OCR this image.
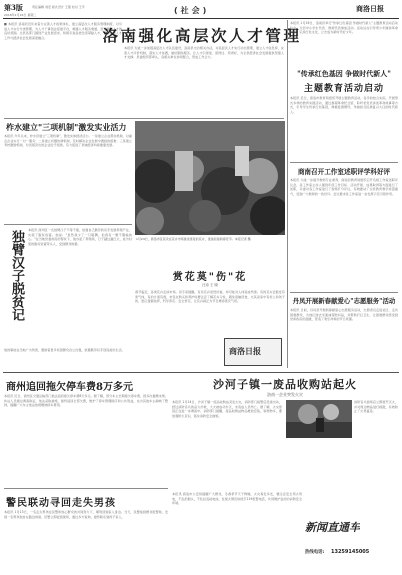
第3版	责任编辑 刘宏 版式设计 王强 校对 王平
2018年1月16日 星期二	(社会)	商洛日报
■ 本报讯 洛南县近年来着力完善人才政策体系，建立高层次人才服务管理制度，对引进人才实行分类管理，为人才干事创业搭建平台，畅通人才服务渠道，营造尊重人才的良好氛围。全县各部门围绕产业发展需求，积极引进各类急需紧缺人才，着力推动人才工作与经济社会发展深度融合。	洛南强化高层次人才管理
本报讯 为进一步加强高层次人才队伍建设，洛南县出台相关办法，对高层次人才实行动态管理，建立人才信息库，完善人才评价机制，落实人才待遇，做好跟踪服务，让人才引得进、留得住、用得好，为全县经济社会发展提供坚强人才支撑。县委组织部牵头，各相关单位协同配合，形成工作合力。
本报讯 1月16日，洛南县举行"传承红色基因 争做时代新人"主题教育活动启动仪式，全县中小学生代表、教师代表参加活动。活动旨在引导青少年继承革命传统，弘扬红色文化，立志成为新时代好少年。
"传承红色基因 争做时代新人"
主题教育活动启动
本报讯 近日，商洛市教育局组织开展主题教育活动，各学校结合实际，开展形式多样的教育实践活动，通过参观革命纪念馆、聆听老党员讲述革命故事等方式，引导学生传承红色基因，厚植爱国情怀，争做担当民族复兴大任的时代新人。
柞水建立"三项机制"激发实业活力
本报讯 今年以来，柞水县建立"三项机制"，激发实体经济活力。一是建立企业帮扶机制，对重点企业实行一对一服务；二是建立问题协调机制，及时解决企业发展中遇到的困难；三是建立考核激励机制，对表现突出的企业给予奖励，有力促进了县域经济持续健康发展。
1月24日，商洛市区民众在花卉市场挑选喜爱的花卉，准备迎接新春佳节。本报记者 摄
商南召开工作室述职评学科好评
本报讯 为进一步提升教师专业素养，商南县教育局组织召开名师工作室述职评议会，各工作室主持人围绕年度工作目标、活动开展、成果取得等方面进行了述职，评委对各工作室进行了现场打分评议，有效推动了全县教育教学质量提升，受到广大教师的一致好评。会议要求各工作室进一步发挥示范引领作用。
丹凤开展新春献爱心"志愿服务"活动
本报讯 日前，丹凤县开展新春献爱心志愿服务活动，志愿者们走进社区、走访困难群众，为他们送去米面油等慰问品，并帮助打扫卫生，让困难群众感受到党和政府的温暖，营造了欢乐祥和的节日氛围。
独臂汉子脱贫记 本报讯 商州区一名独臂汉子不等不靠，依靠自己勤劳的双手发展养殖产业，实现了脱贫致富。他说："虽然我少了一只胳膊，但我有一颗不服输的心。"在当地党委政府的帮扶下，他办起了养殖场，日子越过越红火，成为村里的脱贫致富带头人，受到群众称赞。
他的事迹在当地广为传颂，激励着更多贫困群众自立自强，依靠勤劳双手创造美好生活。
赏花莫"伤"花
汪诗 王 晓
春节临近，各类花卉走俏市场。但专家提醒，有些花卉虽然好看，却可能对人体造成伤害。有的花卉会散发有害气体，有的汁液有毒，市民在购买和养护时要注意了解花卉习性，避免误触误食，尤其是家中有老人和孩子的，更应谨慎选择，科学养花、安全赏花，让花卉真正为节日增添喜庆气氛。
商洛日报
商州追回拖欠停车费8万多元
本报讯 近日，商州区交通运输部门依法追回拖欠停车费8万多元。据了解，部分车主长期拖欠停车费，经多次催缴未果。执法人员通过调查取证，依法采取措施，最终追回全部欠费，维护了停车管理秩序和公共利益，也为其他车主敲响了警钟，提醒广大车主依法依规缴纳停车费用。
警民联动寻回走失男孩
本报讯 1月13日，一名走失男孩在民警和热心群众的共同努力下，顺利回到家人身边。当天，民警接到群众报警称，发现一名男孩独自在路边徘徊，民警立即赶到现场，通过多方查询，最终联系到孩子家人。
沙河子镇一废品收购站起火
洛南一企业突发火灾
本报讯 1月14日，沙河子镇一废品收购站突发火灾，消防部门接警后迅速出动，经过消防官兵的奋力扑救，大火被成功扑灭，未造成人员伤亡。据了解，火灾原因正在进一步调查中。消防部门提醒，废品收购站物品堆放密集，易燃物多，要加强防火意识，落实消防安全措施。
消防官兵到场后立即展开灭火，并对周边物品进行疏散，有效防止了火势蔓延。
本报讯 商洛市公安局提醒广大群众，冬春季节天干物燥，火灾易发多发，要注意安全用火用电，不乱扔烟头，不私拉乱接电线，发现火情及时拨打119报警电话，共同维护良好的消防安全环境。
新闻直通车
热线电话: 13259145005
